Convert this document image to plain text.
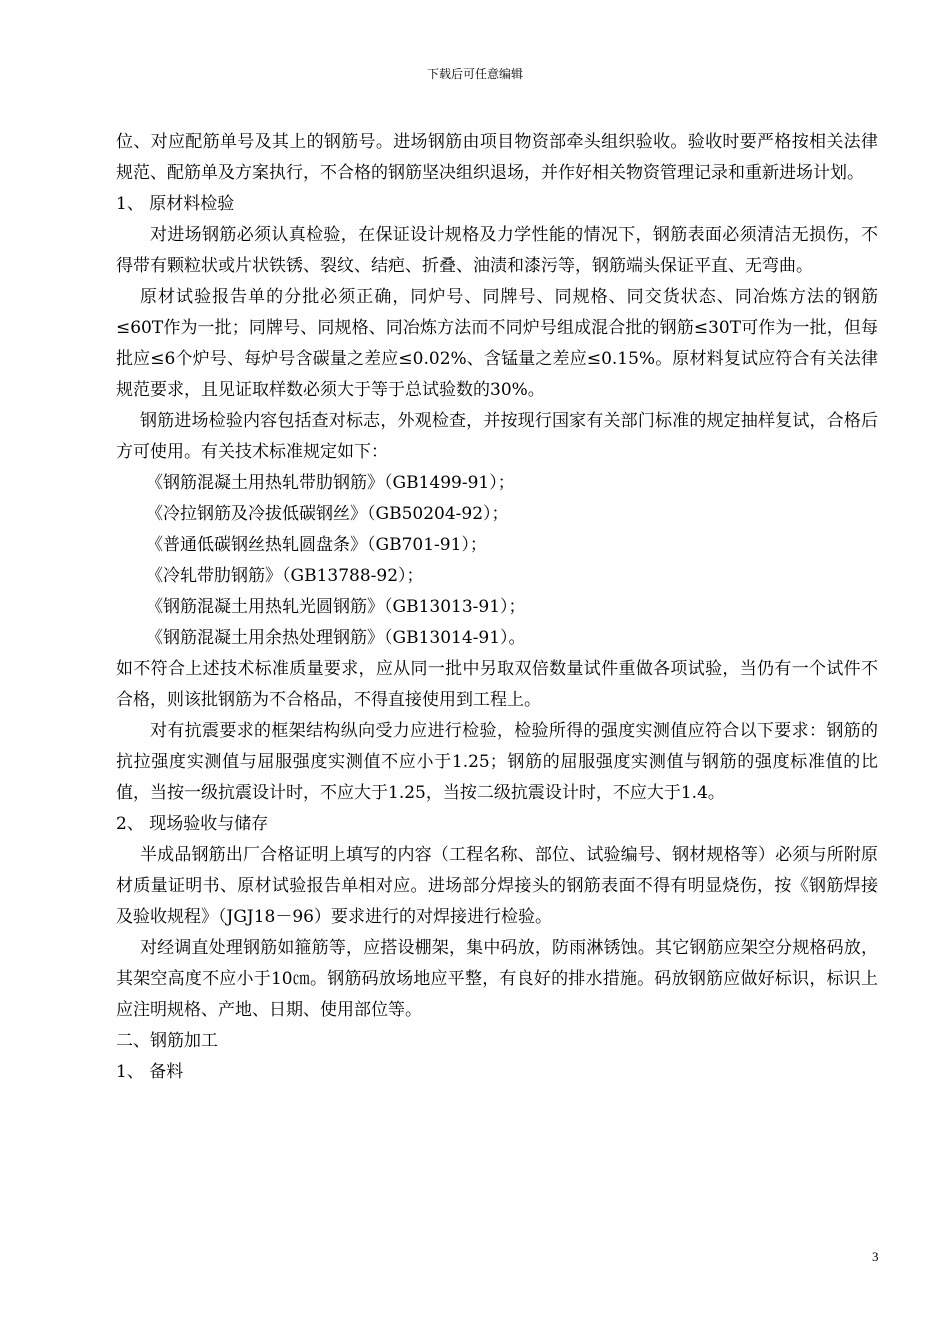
下载后可任意编辑

位、对应配筋单号及其上的钢筋号。进场钢筋由项目物资部牵头组织验收。验收时要严格按相关法律规范、配筋单及方案执行，不合格的钢筋坚决组织退场，并作好相关物资管理记录和重新进场计划。

1、 原材料检验

对进场钢筋必须认真检验，在保证设计规格及力学性能的情况下，钢筋表面必须清洁无损伤，不得带有颗粒状或片状铁锈、裂纹、结疤、折叠、油渍和漆污等，钢筋端头保证平直、无弯曲。

原材试验报告单的分批必须正确，同炉号、同牌号、同规格、同交货状态、同冶炼方法的钢筋≤60T作为一批；同牌号、同规格、同冶炼方法而不同炉号组成混合批的钢筋≤30T可作为一批，但每批应≤6个炉号、每炉号含碳量之差应≤0.02%、含锰量之差应≤0.15%。原材料复试应符合有关法律规范要求，且见证取样数必须大于等于总试验数的30%。

钢筋进场检验内容包括查对标志，外观检查，并按现行国家有关部门标准的规定抽样复试，合格后方可使用。有关技术标准规定如下：

《钢筋混凝土用热轧带肋钢筋》（GB1499-91）；

《冷拉钢筋及冷拔低碳钢丝》（GB50204-92）；

《普通低碳钢丝热轧圆盘条》（GB701-91）；

《冷轧带肋钢筋》（GB13788-92）；

《钢筋混凝土用热轧光圆钢筋》（GB13013-91）；

《钢筋混凝土用余热处理钢筋》（GB13014-91）。

如不符合上述技术标准质量要求，应从同一批中另取双倍数量试件重做各项试验，当仍有一个试件不合格，则该批钢筋为不合格品，不得直接使用到工程上。

对有抗震要求的框架结构纵向受力应进行检验，检验所得的强度实测值应符合以下要求：钢筋的抗拉强度实测值与屈服强度实测值不应小于1.25；钢筋的屈服强度实测值与钢筋的强度标准值的比值，当按一级抗震设计时，不应大于1.25，当按二级抗震设计时，不应大于1.4。

2、 现场验收与储存

半成品钢筋出厂合格证明上填写的内容（工程名称、部位、试验编号、钢材规格等）必须与所附原材质量证明书、原材试验报告单相对应。进场部分焊接头的钢筋表面不得有明显烧伤，按《钢筋焊接及验收规程》（JGJ18－96）要求进行的对焊接进行检验。

对经调直处理钢筋如箍筋等，应搭设棚架，集中码放，防雨淋锈蚀。其它钢筋应架空分规格码放，其架空高度不应小于10㎝。钢筋码放场地应平整，有良好的排水措施。码放钢筋应做好标识，标识上应注明规格、产地、日期、使用部位等。

二、钢筋加工

1、 备料

3
